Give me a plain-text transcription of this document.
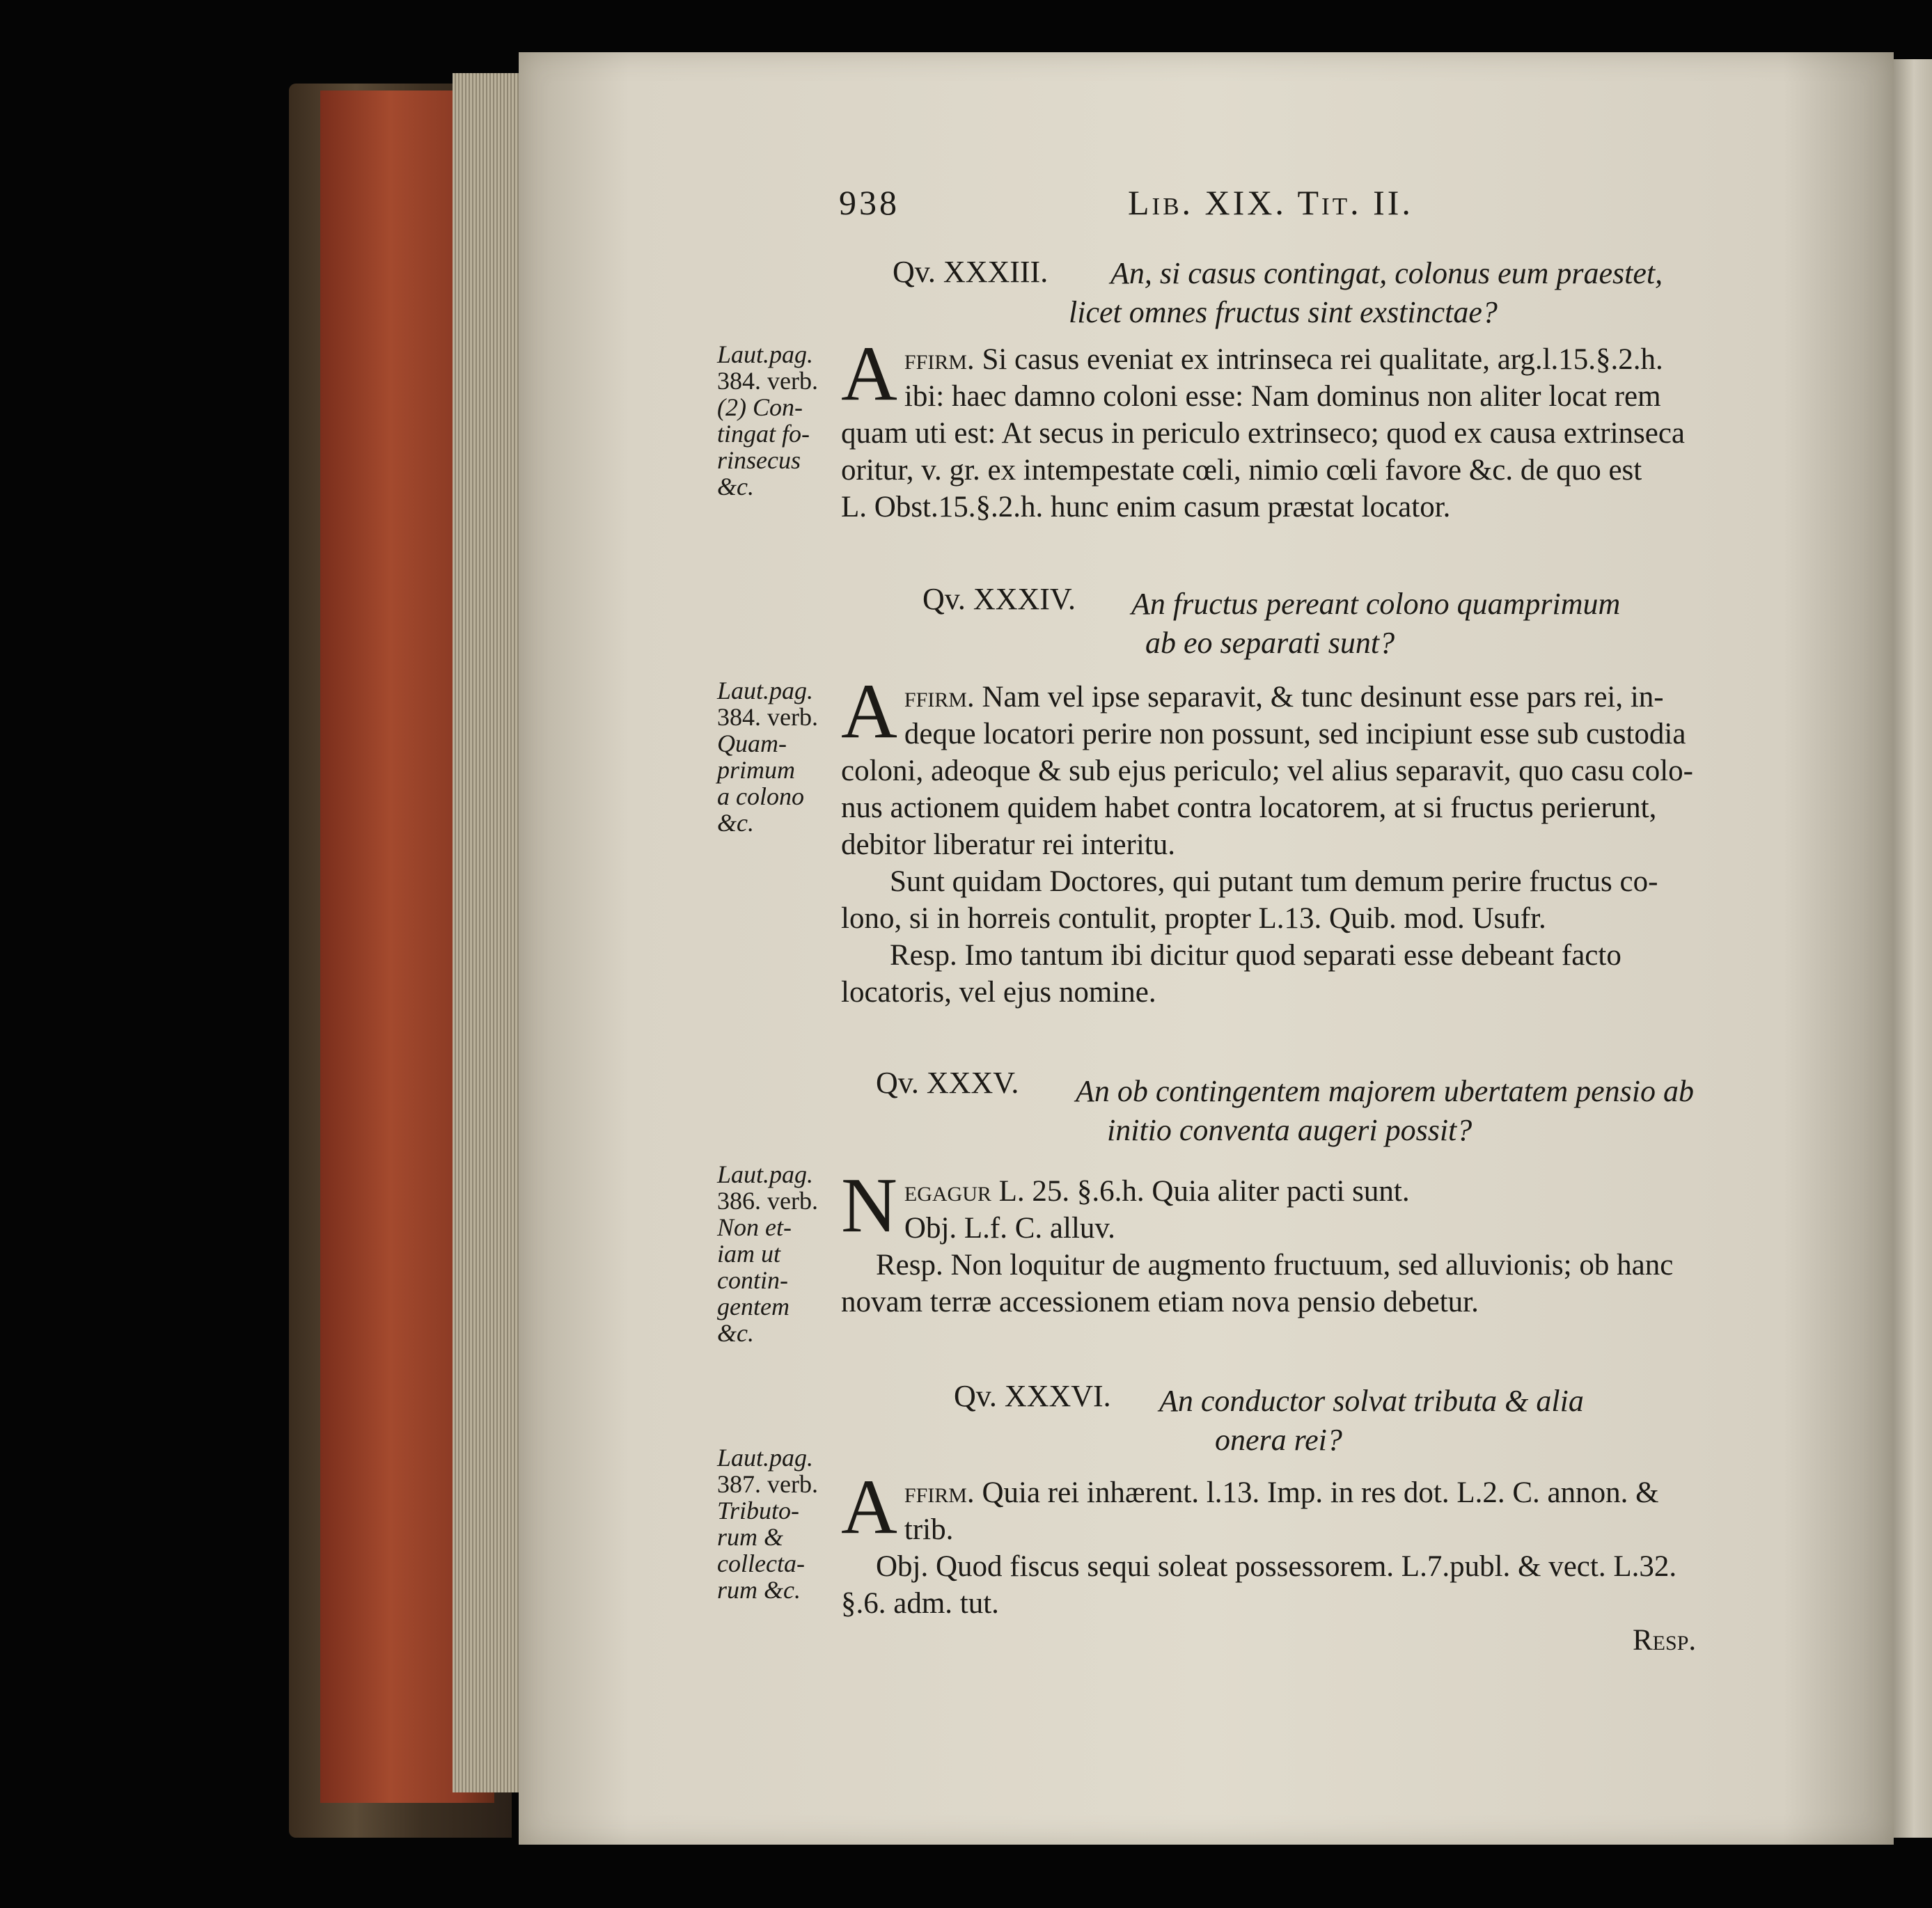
938	Lib. XIX. Tit. II.
Qv. XXXIII. An, si casus contingat, colonus eum praestet,

licet omnes fructus sint exstinctae?

Laut.pag.
384. verb.
(2) Con-
tingat fo-
rinsecus
&c.
A ffirm. Si casus eveniat ex intrinseca rei qualitate, arg.l.15.§.2.h.
ibi: haec damno coloni esse: Nam dominus non aliter locat rem
quam uti est: At secus in periculo extrinseco; quod ex causa extrinseca
oritur, v. gr. ex intempestate cœli, nimio cœli favore &c. de quo est
L. Obst.15.§.2.h. hunc enim casum præstat locator.
Qv. XXXIV. An fructus pereant colono quamprimum

ab eo separati sunt?

Laut.pag.
384. verb.
Quam-
primum
a colono
&c.
A ffirm. Nam vel ipse separavit, & tunc desinunt esse pars rei, in-
deque locatori perire non possunt, sed incipiunt esse sub custodia
coloni, adeoque & sub ejus periculo; vel alius separavit, quo casu colo-
nus actionem quidem habet contra locatorem, at si fructus perierunt,
debitor liberatur rei interitu.
Sunt quidam Doctores, qui putant tum demum perire fructus co-
lono, si in horreis contulit, propter L.13. Quib. mod. Usufr.
Resp. Imo tantum ibi dicitur quod separati esse debeant facto
locatoris, vel ejus nomine.
Qv. XXXV. An ob contingentem majorem ubertatem pensio ab

initio conventa augeri possit?

Laut.pag.
386. verb.
Non et-
iam ut
contin-
gentem
&c.
N egagur L. 25. §.6.h. Quia aliter pacti sunt.
Obj. L.f. C. alluv.
Resp. Non loquitur de augmento fructuum, sed alluvionis; ob hanc
novam terræ accessionem etiam nova pensio debetur.
Qv. XXXVI. An conductor solvat tributa & alia

onera rei?

Laut.pag.
387. verb.
Tributo-
rum &
collecta-
rum &c.
A ffirm. Quia rei inhærent. l.13. Imp. in res dot. L.2. C. annon. &
trib.
Obj. Quod fiscus sequi soleat possessorem. L.7.publ. & vect. L.32.
§.6. adm. tut.
Resp.
